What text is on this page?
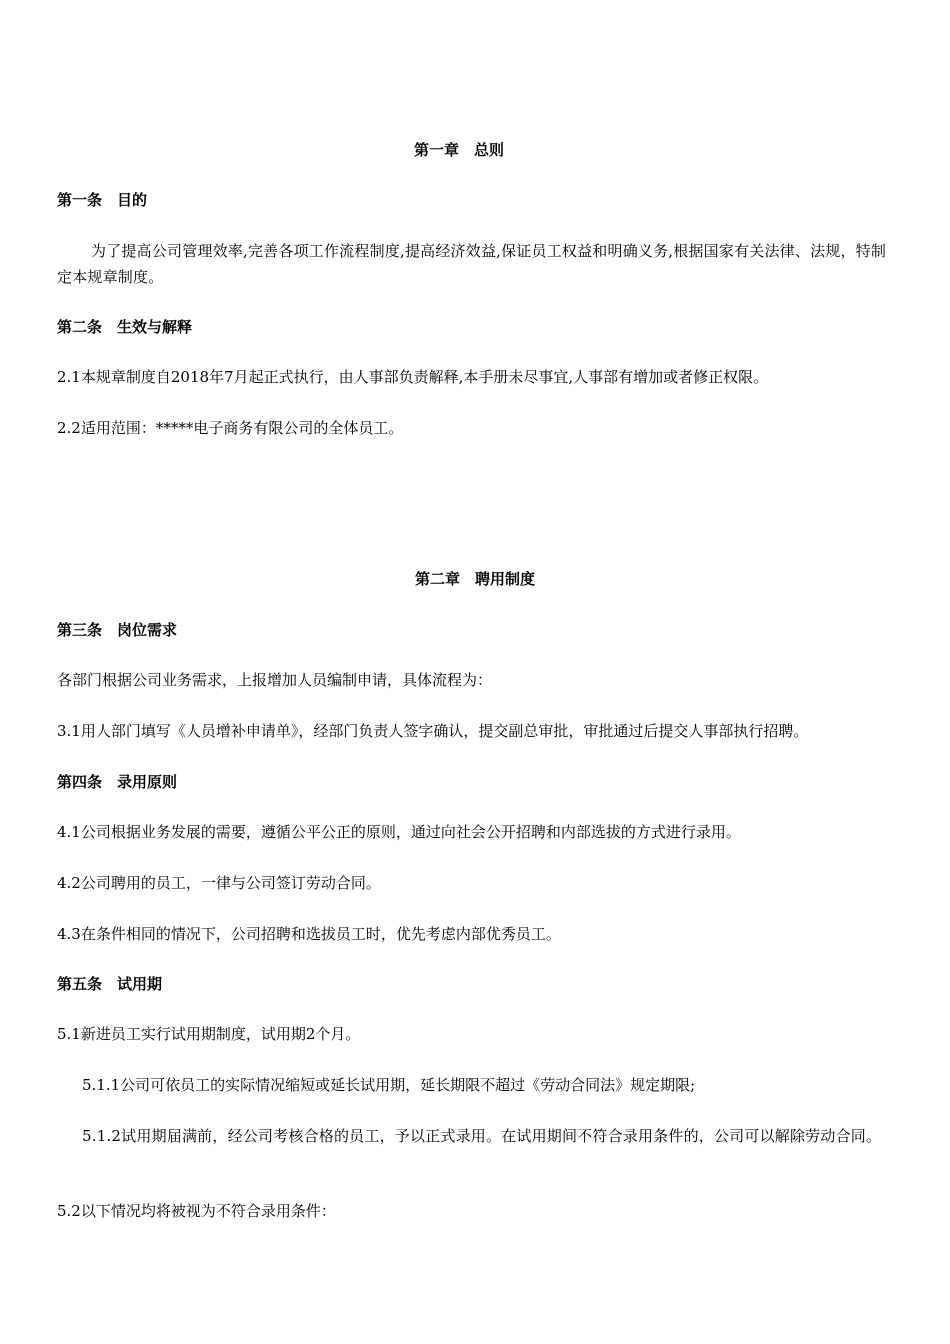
第一章　总则
第一条　目的
为了提高公司管理效率,完善各项工作流程制度,提高经济效益,保证员工权益和明确义务,根据国家有关法律、法规，特制定本规章制度。
第二条　生效与解释
2.1本规章制度自2018年7月起正式执行，由人事部负责解释,本手册未尽事宜,人事部有增加或者修正权限。
2.2适用范围：*****电子商务有限公司的全体员工。
第二章　聘用制度
第三条　岗位需求
各部门根据公司业务需求，上报增加人员编制申请，具体流程为：
3.1用人部门填写《人员增补申请单》，经部门负责人签字确认，提交副总审批，审批通过后提交人事部执行招聘。
第四条　录用原则
4.1公司根据业务发展的需要，遵循公平公正的原则，通过向社会公开招聘和内部选拔的方式进行录用。
4.2公司聘用的员工，一律与公司签订劳动合同。
4.3在条件相同的情况下，公司招聘和选拔员工时，优先考虑内部优秀员工。
第五条　试用期
5.1新进员工实行试用期制度，试用期2个月。
5.1.1公司可依员工的实际情况缩短或延长试用期，延长期限不超过《劳动合同法》规定期限;
5.1.2试用期届满前，经公司考核合格的员工，予以正式录用。在试用期间不符合录用条件的，公司可以解除劳动合同。
5.2以下情况均将被视为不符合录用条件：
